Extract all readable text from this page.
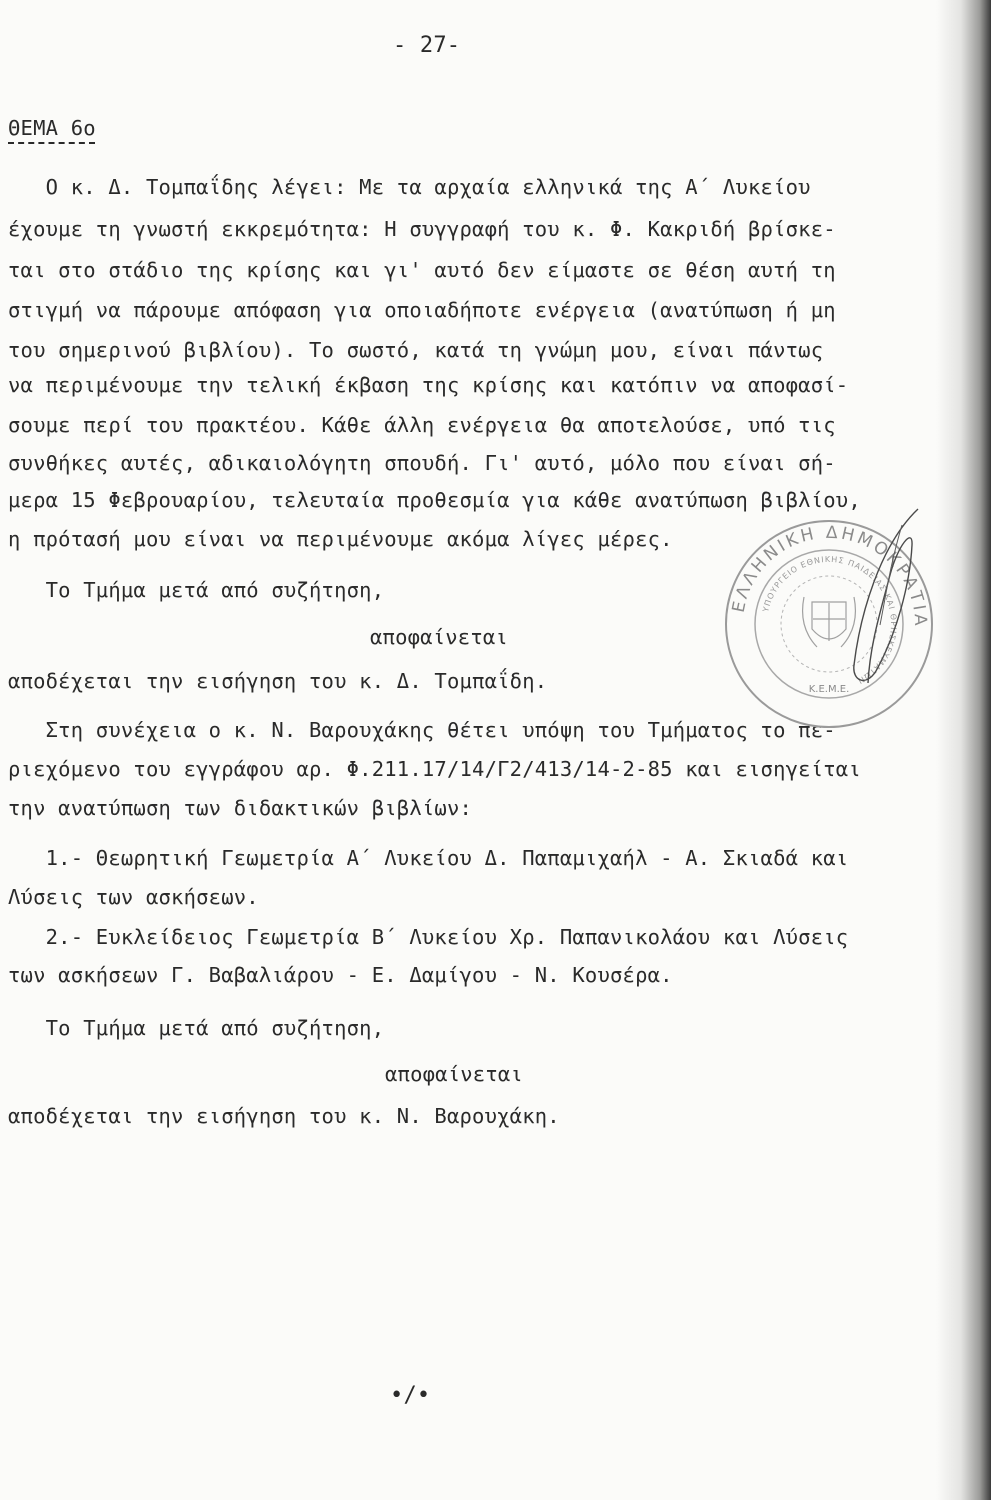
- 27-
ΘΕΜΑ 6ο
Ο κ. Δ. Τομπαΐδης λέγει: Με τα αρχαία ελληνικά της Α΄ Λυκείου
έχουμε τη γνωστή εκκρεμότητα: Η συγγραφή του κ. Φ. Κακριδή βρίσκε-
ται στο στάδιο της κρίσης και γι' αυτό δεν είμαστε σε θέση αυτή τη
στιγμή να πάρουμε απόφαση για οποιαδήποτε ενέργεια (ανατύπωση ή μη
του σημερινού βιβλίου). Το σωστό, κατά τη γνώμη μου, είναι πάντως
να περιμένουμε την τελική έκβαση της κρίσης και κατόπιν να αποφασί-
σουμε περί του πρακτέου. Κάθε άλλη ενέργεια θα αποτελούσε, υπό τις
συνθήκες αυτές, αδικαιολόγητη σπουδή. Γι' αυτό, μόλο που είναι σή-
μερα 15 Φεβρουαρίου, τελευταία προθεσμία για κάθε ανατύπωση βιβλίου,
η πρότασή μου είναι να περιμένουμε ακόμα λίγες μέρες.
Το Τμήμα μετά από συζήτηση,
αποφαίνεται
αποδέχεται την εισήγηση του κ. Δ. Τομπαΐδη.
Στη συνέχεια ο κ. Ν. Βαρουχάκης θέτει υπόψη του Τμήματος το πε-
ριεχόμενο του εγγράφου αρ. Φ.211.17/14/Γ2/413/14-2-85 και εισηγείται
την ανατύπωση των διδακτικών βιβλίων:
1.- Θεωρητική Γεωμετρία Α΄ Λυκείου Δ. Παπαμιχαήλ - Α. Σκιαδά και
Λύσεις των ασκήσεων.
2.- Ευκλείδειος Γεωμετρία Β΄ Λυκείου Χρ. Παπανικολάου και Λύσεις
των ασκήσεων Γ. Βαβαλιάρου - Ε. Δαμίγου - Ν. Κουσέρα.
Το Τμήμα μετά από συζήτηση,
αποφαίνεται
αποδέχεται την εισήγηση του κ. Ν. Βαρουχάκη.
•/•
ΕΛΛΗΝΙΚΗ ΔΗΜΟΚΡΑΤΙΑ
ΥΠΟΥΡΓΕΙΟ ΕΘΝΙΚΗΣ ΠΑΙΔΕΙΑΣ ΚΑΙ ΘΡΗΣΚΕΥΜΑΤΩΝ
Κ.Ε.Μ.Ε.
